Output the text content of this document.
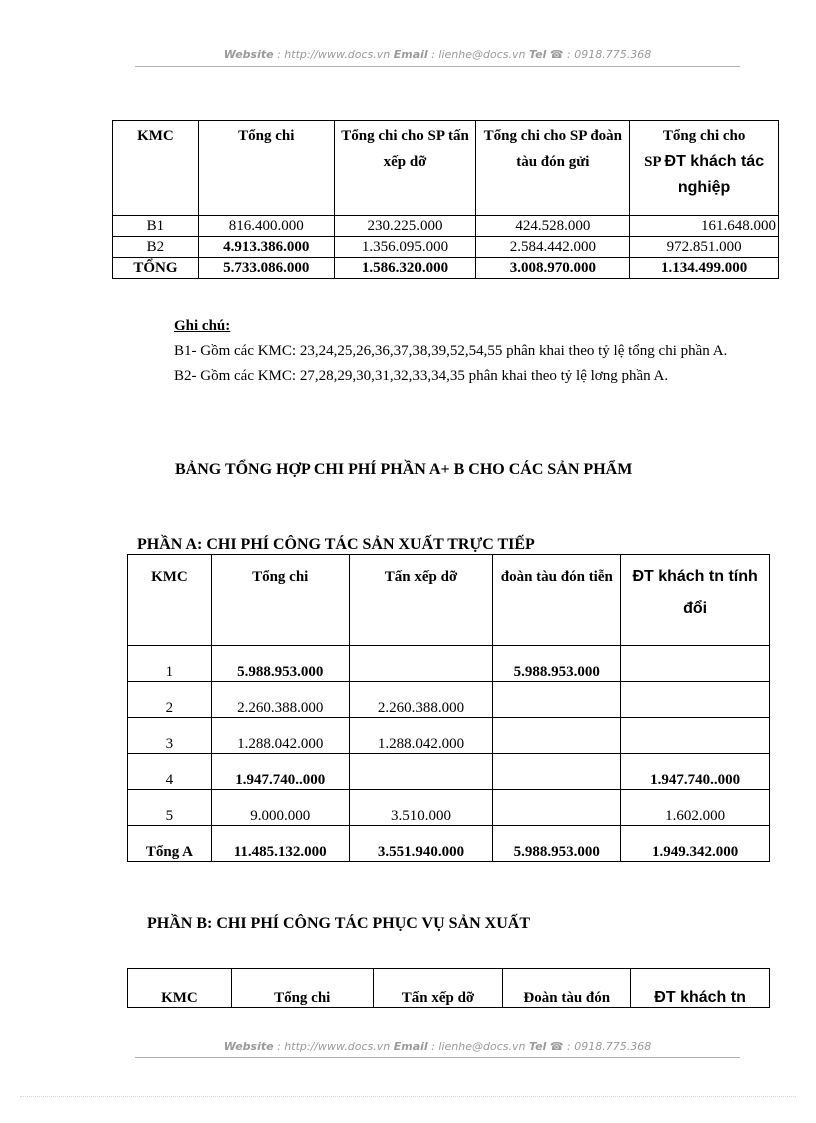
Website : http://www.docs.vn Email : lienhe@docs.vn Tel ☎ : 0918.775.368
KMC	Tổng chi	Tổng chi cho SP tấn xếp dỡ	Tổng chi cho SP đoàn tàu đón gửi	Tổng chi cho
SP ĐT khách tác nghiệp
B1	816.400.000	230.225.000	424.528.000	161.648.000
B2	4.913.386.000	1.356.095.000	2.584.442.000	972.851.000
TỔNG	5.733.086.000	1.586.320.000	3.008.970.000	1.134.499.000

Ghi chú:

B1- Gồm các KMC: 23,24,25,26,36,37,38,39,52,54,55 phân khai theo tỷ lệ tổng chi phần A.

B2- Gồm các KMC: 27,28,29,30,31,32,33,34,35 phân khai theo tỷ lệ lơng phần A.

BẢNG TỔNG HỢP CHI PHÍ PHẦN A+ B CHO CÁC SẢN PHẨM
PHẦN A: CHI PHÍ CÔNG TÁC SẢN XUẤT TRỰC TIẾP
KMC	Tổng chi	Tấn xếp dỡ	đoàn tàu đón tiễn	ĐT khách tn tính đổi
1	5.988.953.000		5.988.953.000	
2	2.260.388.000	2.260.388.000		
3	1.288.042.000	1.288.042.000		
4	1.947.740..000			1.947.740..000
5	9.000.000	3.510.000		1.602.000
Tổng A	11.485.132.000	3.551.940.000	5.988.953.000	1.949.342.000
PHẦN B: CHI PHÍ CÔNG TÁC PHỤC VỤ SẢN XUẤT
KMC	Tổng chi	Tấn xếp dỡ	Đoàn tàu đón	ĐT khách tn
Website : http://www.docs.vn Email : lienhe@docs.vn Tel ☎ : 0918.775.368
